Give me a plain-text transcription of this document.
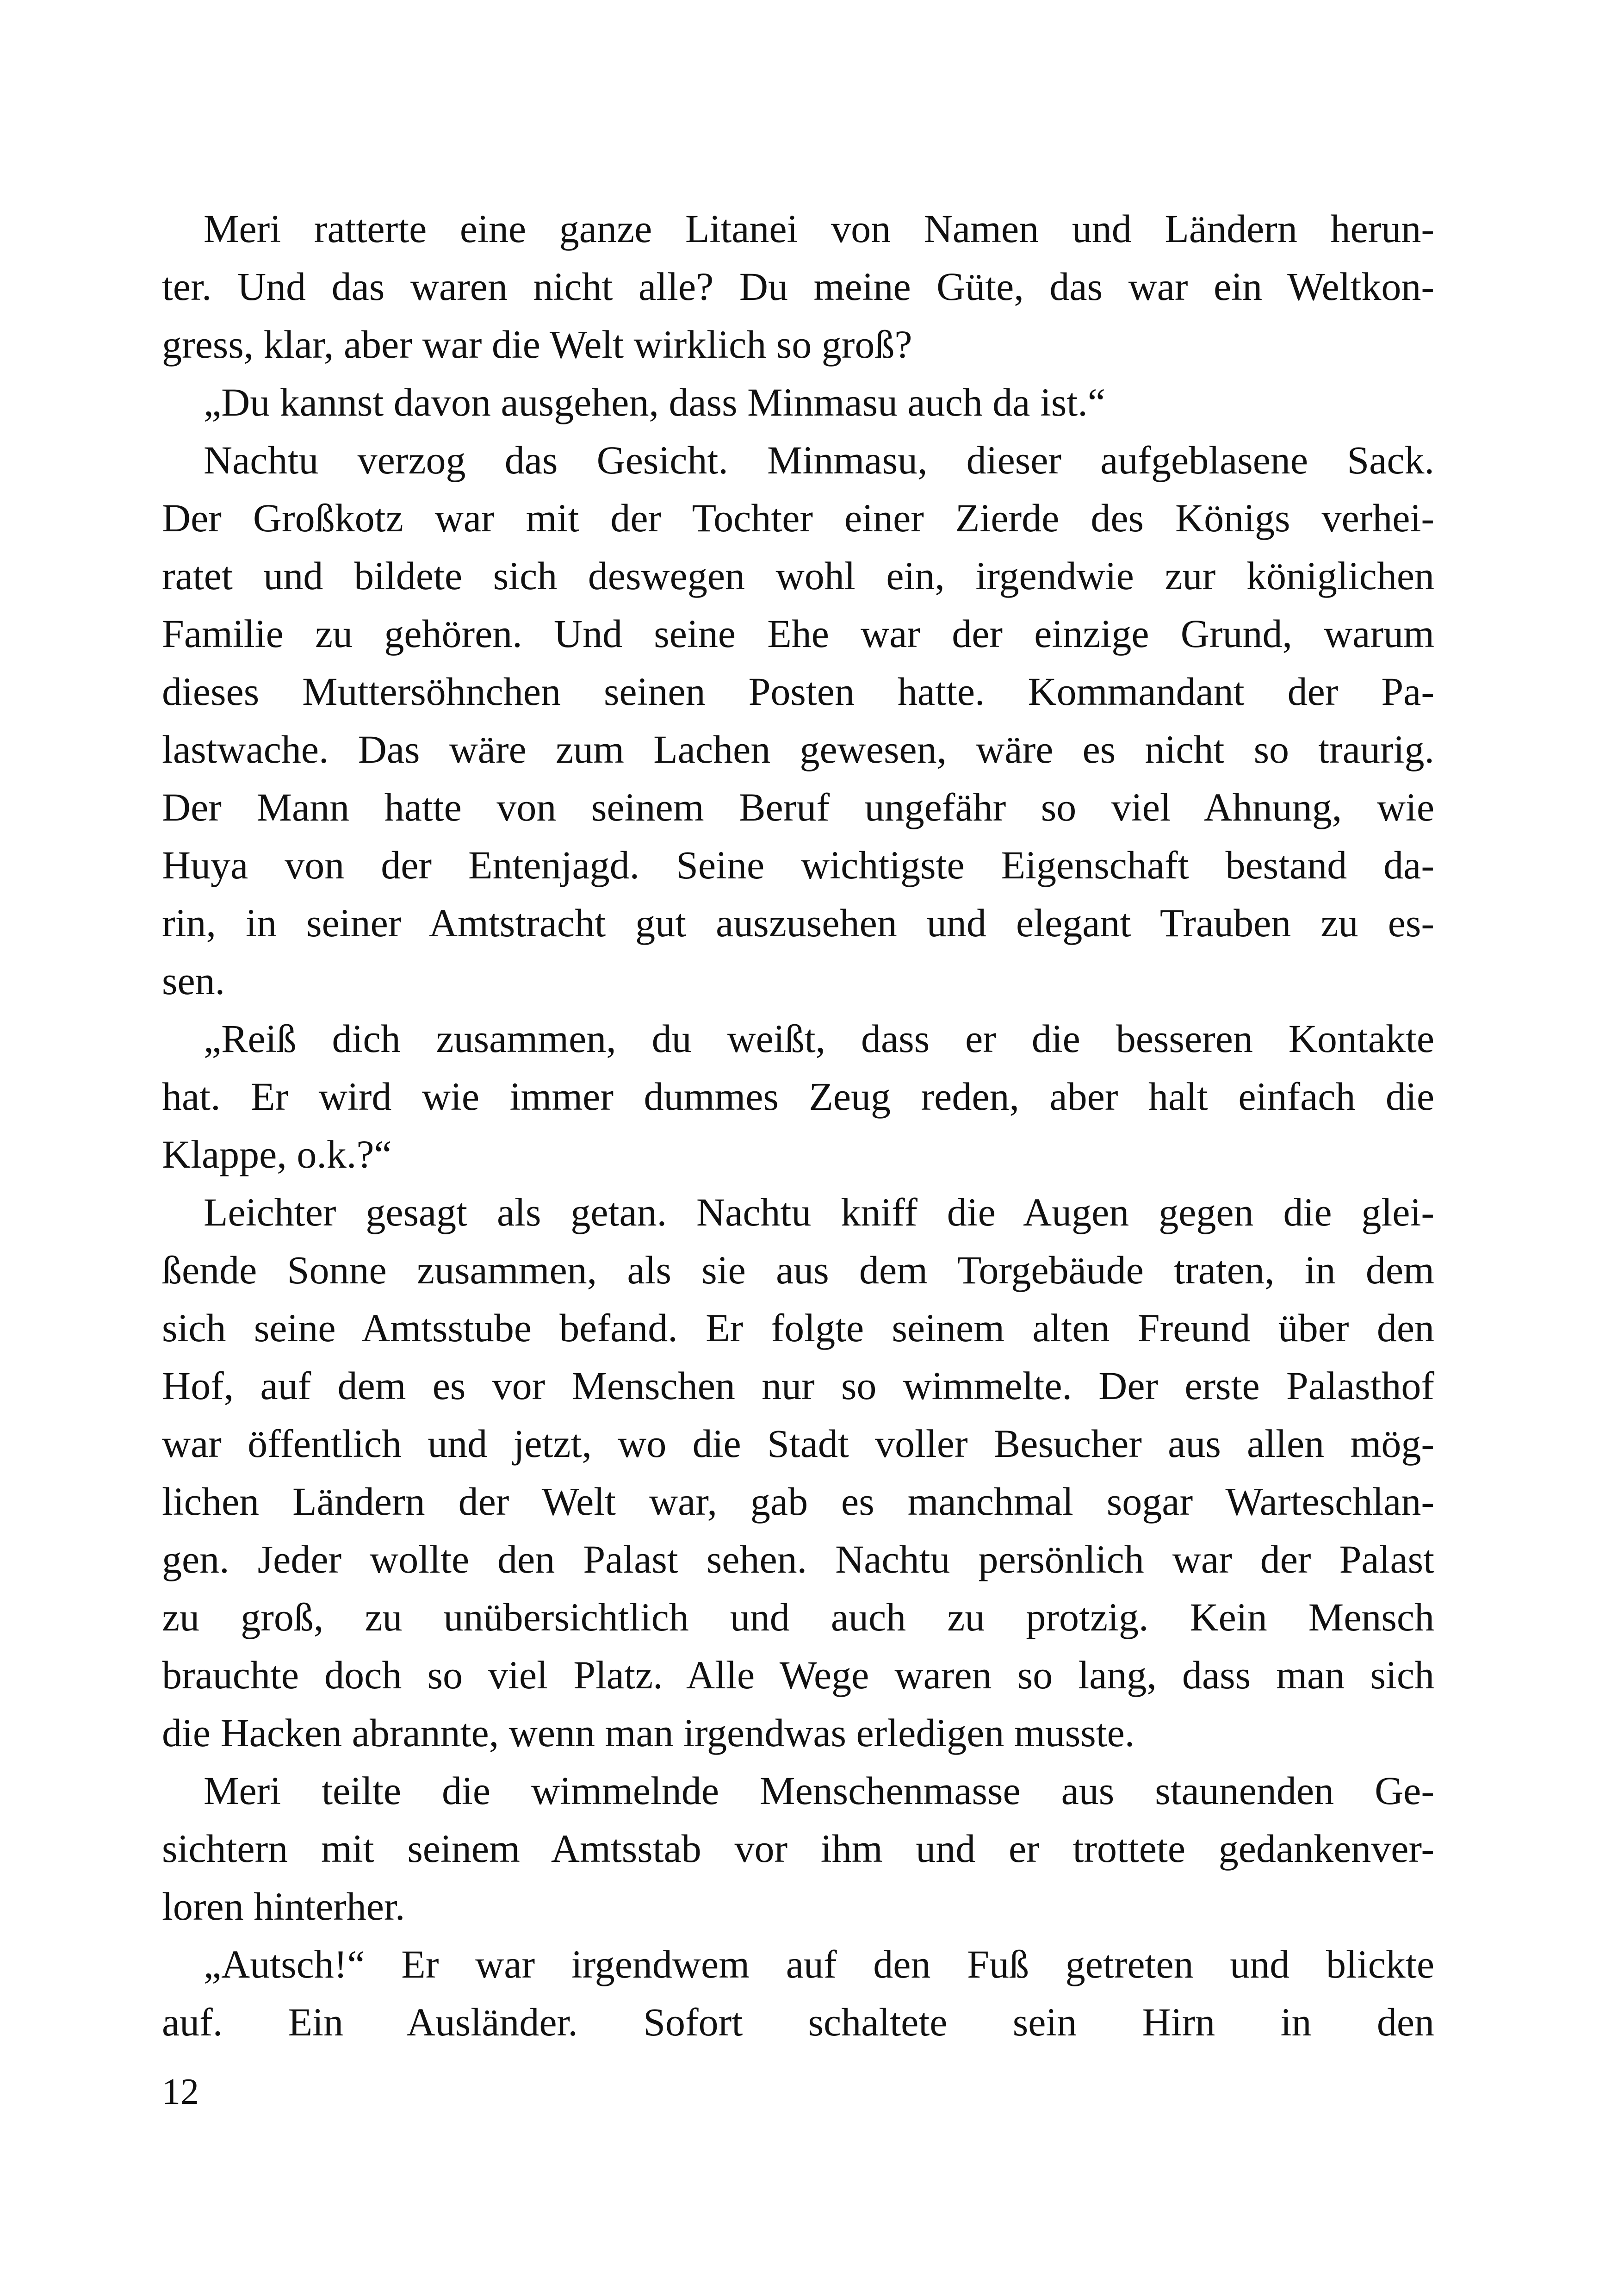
Meri ratterte eine ganze Litanei von Namen und Ländern herun-
ter. Und das waren nicht alle? Du meine Güte, das war ein Weltkon-
gress, klar, aber war die Welt wirklich so groß?
„Du kannst davon ausgehen, dass Minmasu auch da ist.“
Nachtu verzog das Gesicht. Minmasu, dieser aufgeblasene Sack.
Der Großkotz war mit der Tochter einer Zierde des Königs verhei-
ratet und bildete sich deswegen wohl ein, irgendwie zur königlichen
Familie zu gehören. Und seine Ehe war der einzige Grund, warum
dieses Muttersöhnchen seinen Posten hatte. Kommandant der Pa-
lastwache. Das wäre zum Lachen gewesen, wäre es nicht so traurig.
Der Mann hatte von seinem Beruf ungefähr so viel Ahnung, wie
Huya von der Entenjagd. Seine wichtigste Eigenschaft bestand da-
rin, in seiner Amtstracht gut auszusehen und elegant Trauben zu es-
sen.
„Reiß dich zusammen, du weißt, dass er die besseren Kontakte
hat. Er wird wie immer dummes Zeug reden, aber halt einfach die
Klappe, o.k.?“
Leichter gesagt als getan. Nachtu kniff die Augen gegen die glei-
ßende Sonne zusammen, als sie aus dem Torgebäude traten, in dem
sich seine Amtsstube befand. Er folgte seinem alten Freund über den
Hof, auf dem es vor Menschen nur so wimmelte. Der erste Palasthof
war öffentlich und jetzt, wo die Stadt voller Besucher aus allen mög-
lichen Ländern der Welt war, gab es manchmal sogar Warteschlan-
gen. Jeder wollte den Palast sehen. Nachtu persönlich war der Palast
zu groß, zu unübersichtlich und auch zu protzig. Kein Mensch
brauchte doch so viel Platz. Alle Wege waren so lang, dass man sich
die Hacken abrannte, wenn man irgendwas erledigen musste.
Meri teilte die wimmelnde Menschenmasse aus staunenden Ge-
sichtern mit seinem Amtsstab vor ihm und er trottete gedankenver-
loren hinterher.
„Autsch!“ Er war irgendwem auf den Fuß getreten und blickte
auf. Ein Ausländer. Sofort schaltete sein Hirn in den
12
